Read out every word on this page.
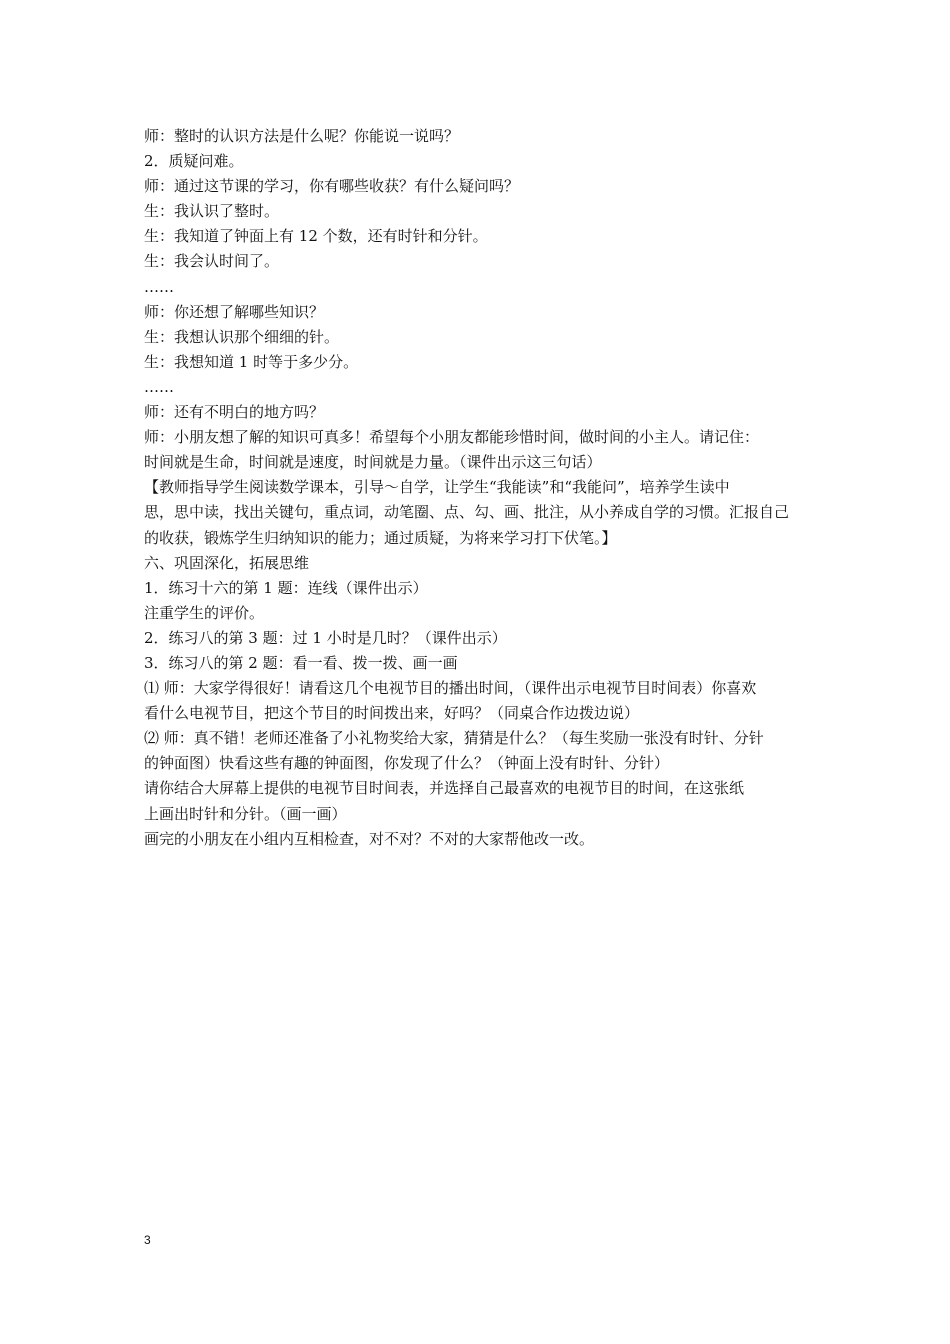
师：整时的认识方法是什么呢？你能说一说吗？
2．质疑问难。
师：通过这节课的学习，你有哪些收获？有什么疑问吗？
生：我认识了整时。
生：我知道了钟面上有 12 个数，还有时针和分针。
生：我会认时间了。
……
师：你还想了解哪些知识？
生：我想认识那个细细的针。
生：我想知道 1 时等于多少分。
……
师：还有不明白的地方吗？
师：小朋友想了解的知识可真多！希望每个小朋友都能珍惜时间，做时间的小主人。请记住：
时间就是生命，时间就是速度，时间就是力量。（课件出示这三句话）
【教师指导学生阅读数学课本，引导～自学，让学生“我能读”和“我能问”，培养学生读中
思，思中读，找出关键句，重点词，动笔圈、点、勾、画、批注，从小养成自学的习惯。汇报自己
的收获，锻炼学生归纳知识的能力；通过质疑，为将来学习打下伏笔。】
六、巩固深化，拓展思维
1．练习十六的第 1 题：连线（课件出示）
注重学生的评价。
2．练习八的第 3 题：过 1 小时是几时？（课件出示）
3．练习八的第 2 题：看一看、拨一拨、画一画
⑴ 师：大家学得很好！请看这几个电视节目的播出时间，（课件出示电视节目时间表）你喜欢
看什么电视节目，把这个节目的时间拨出来，好吗？（同桌合作边拨边说）
⑵ 师：真不错！老师还准备了小礼物奖给大家，猜猜是什么？（每生奖励一张没有时针、分针
的钟面图）快看这些有趣的钟面图，你发现了什么？（钟面上没有时针、分针）
请你结合大屏幕上提供的电视节目时间表，并选择自己最喜欢的电视节目的时间，在这张纸
上画出时针和分针。（画一画）
画完的小朋友在小组内互相检查，对不对？不对的大家帮他改一改。
3
